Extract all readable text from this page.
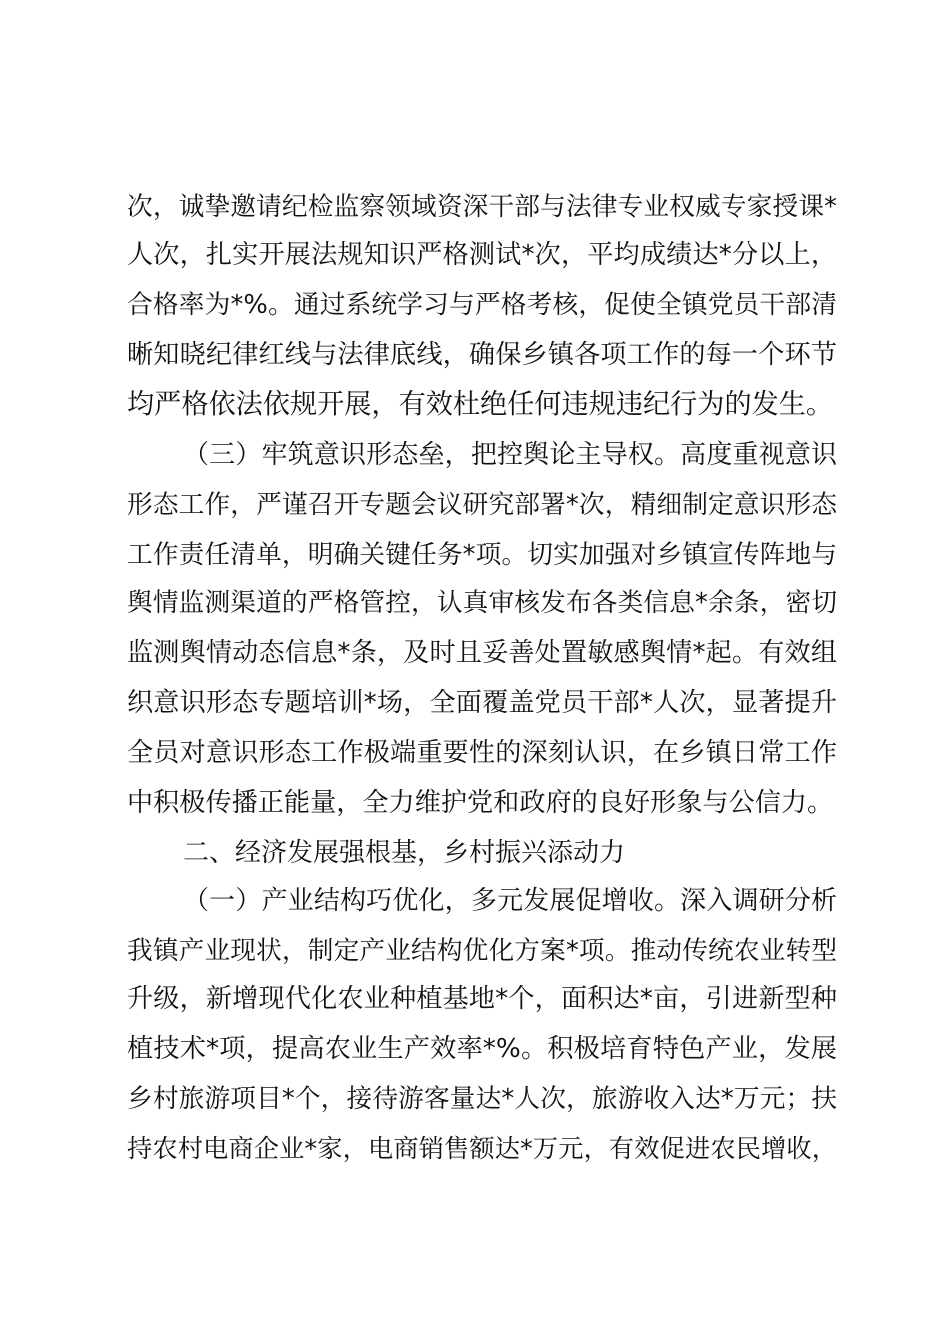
次，诚挚邀请纪检监察领域资深干部与法律专业权威专家授课*
人次，扎实开展法规知识严格测试*次，平均成绩达*分以上，
合格率为*%。通过系统学习与严格考核，促使全镇党员干部清
晰知晓纪律红线与法律底线，确保乡镇各项工作的每一个环节
均严格依法依规开展，有效杜绝任何违规违纪行为的发生。
（三）牢筑意识形态垒，把控舆论主导权。高度重视意识
形态工作，严谨召开专题会议研究部署*次，精细制定意识形态
工作责任清单，明确关键任务*项。切实加强对乡镇宣传阵地与
舆情监测渠道的严格管控，认真审核发布各类信息*余条，密切
监测舆情动态信息*条，及时且妥善处置敏感舆情*起。有效组
织意识形态专题培训*场，全面覆盖党员干部*人次，显著提升
全员对意识形态工作极端重要性的深刻认识，在乡镇日常工作
中积极传播正能量，全力维护党和政府的良好形象与公信力。
二、经济发展强根基，乡村振兴添动力
（一）产业结构巧优化，多元发展促增收。深入调研分析
我镇产业现状，制定产业结构优化方案*项。推动传统农业转型
升级，新增现代化农业种植基地*个，面积达*亩，引进新型种
植技术*项，提高农业生产效率*%。积极培育特色产业，发展
乡村旅游项目*个，接待游客量达*人次，旅游收入达*万元；扶
持农村电商企业*家，电商销售额达*万元，有效促进农民增收，
